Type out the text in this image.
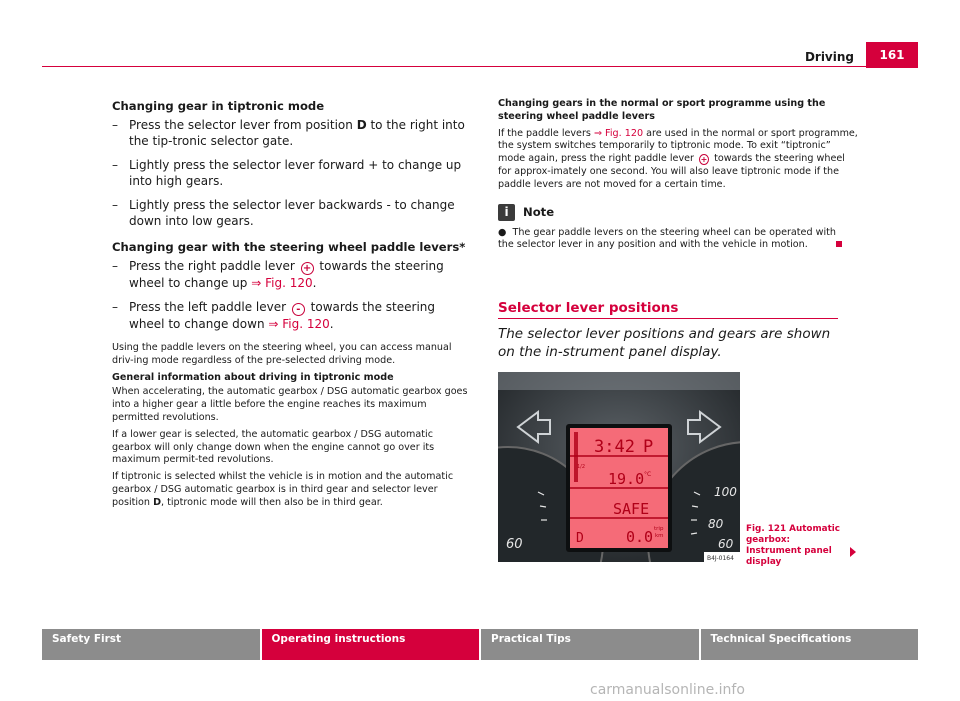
Driving	161
Changing gear in tiptronic mode
– Press the selector lever from position D to the right into the tip-tronic selector gate.
– Lightly press the selector lever forward + to change up into high gears.
– Lightly press the selector lever backwards - to change down into low gears.
Changing gear with the steering wheel paddle levers*
– Press the right paddle lever + towards the steering wheel to change up ⇒ Fig. 120.
– Press the left paddle lever - towards the steering wheel to change down ⇒ Fig. 120.

Using the paddle levers on the steering wheel, you can access manual driv-ing mode regardless of the pre-selected driving mode.

General information about driving in tiptronic mode

When accelerating, the automatic gearbox / DSG automatic gearbox goes into a higher gear a little before the engine reaches its maximum permitted revolutions.

If a lower gear is selected, the automatic gearbox / DSG automatic gearbox will only change down when the engine cannot go over its maximum permit-ted revolutions.

If tiptronic is selected whilst the vehicle is in motion and the automatic gearbox / DSG automatic gearbox is in third gear and selector lever position D, tiptronic mode will then also be in third gear.

Changing gears in the normal or sport programme using the steering wheel paddle levers

If the paddle levers ⇒ Fig. 120 are used in the normal or sport programme, the system switches temporarily to tiptronic mode. To exit “tiptronic” mode again, press the right paddle lever + towards the steering wheel for approx-imately one second. You will also leave tiptronic mode if the paddle levers are not moved for a certain time.

i	Note
● The gear paddle levers on the steering wheel can be operated with the selector lever in any position and with the vehicle in motion.
Selector lever positions
The selector lever positions and gears are shown on the in-strument panel display.
1/2
3:42 P
19.0 °C
SAFE
D	0.0 trip
km
60
100
80
60
B4J-0164
Fig. 121 Automatic gearbox: Instrument panel display
Safety First	Operating instructions	Practical Tips	Technical Specifications
carmanualsonline.info
